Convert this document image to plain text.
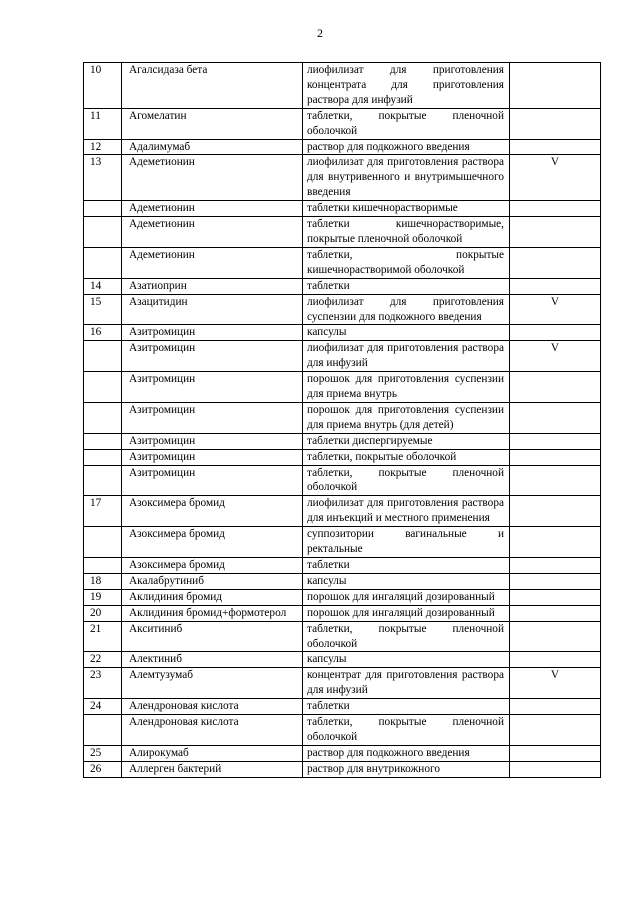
2
10	Агалсидаза бета	лиофилизат для приготовления концентрата для приготовления раствора для инфузий	
11	Агомелатин	таблетки, покрытые пленочной оболочкой	
12	Адалимумаб	раствор для подкожного введения	
13	Адеметионин	лиофилизат для приготовления раствора для внутривенного и внутримышечного введения	V
	Адеметионин	таблетки кишечнорастворимые	
	Адеметионин	таблетки кишечнорастворимые, покрытые пленочной оболочкой	
	Адеметионин	таблетки, покрытые кишечнорастворимой оболочкой	
14	Азатиоприн	таблетки	
15	Азацитидин	лиофилизат для приготовления суспензии для подкожного введения	V
16	Азитромицин	капсулы	
	Азитромицин	лиофилизат для приготовления раствора для инфузий	V
	Азитромицин	порошок для приготовления суспензии для приема внутрь	
	Азитромицин	порошок для приготовления суспензии для приема внутрь (для детей)	
	Азитромицин	таблетки диспергируемые	
	Азитромицин	таблетки, покрытые оболочкой	
	Азитромицин	таблетки, покрытые пленочной оболочкой	
17	Азоксимера бромид	лиофилизат для приготовления раствора для инъекций и местного применения	
	Азоксимера бромид	суппозитории вагинальные и ректальные	
	Азоксимера бромид	таблетки	
18	Акалабрутиниб	капсулы	
19	Аклидиния бромид	порошок для ингаляций дозированный	
20	Аклидиния бромид+формотерол	порошок для ингаляций дозированный	
21	Акситиниб	таблетки, покрытые пленочной оболочкой	
22	Алектиниб	капсулы	
23	Алемтузумаб	концентрат для приготовления раствора для инфузий	V
24	Алендроновая кислота	таблетки	
	Алендроновая кислота	таблетки, покрытые пленочной оболочкой	
25	Алирокумаб	раствор для подкожного введения	
26	Аллерген бактерий	раствор для внутрикожного	
